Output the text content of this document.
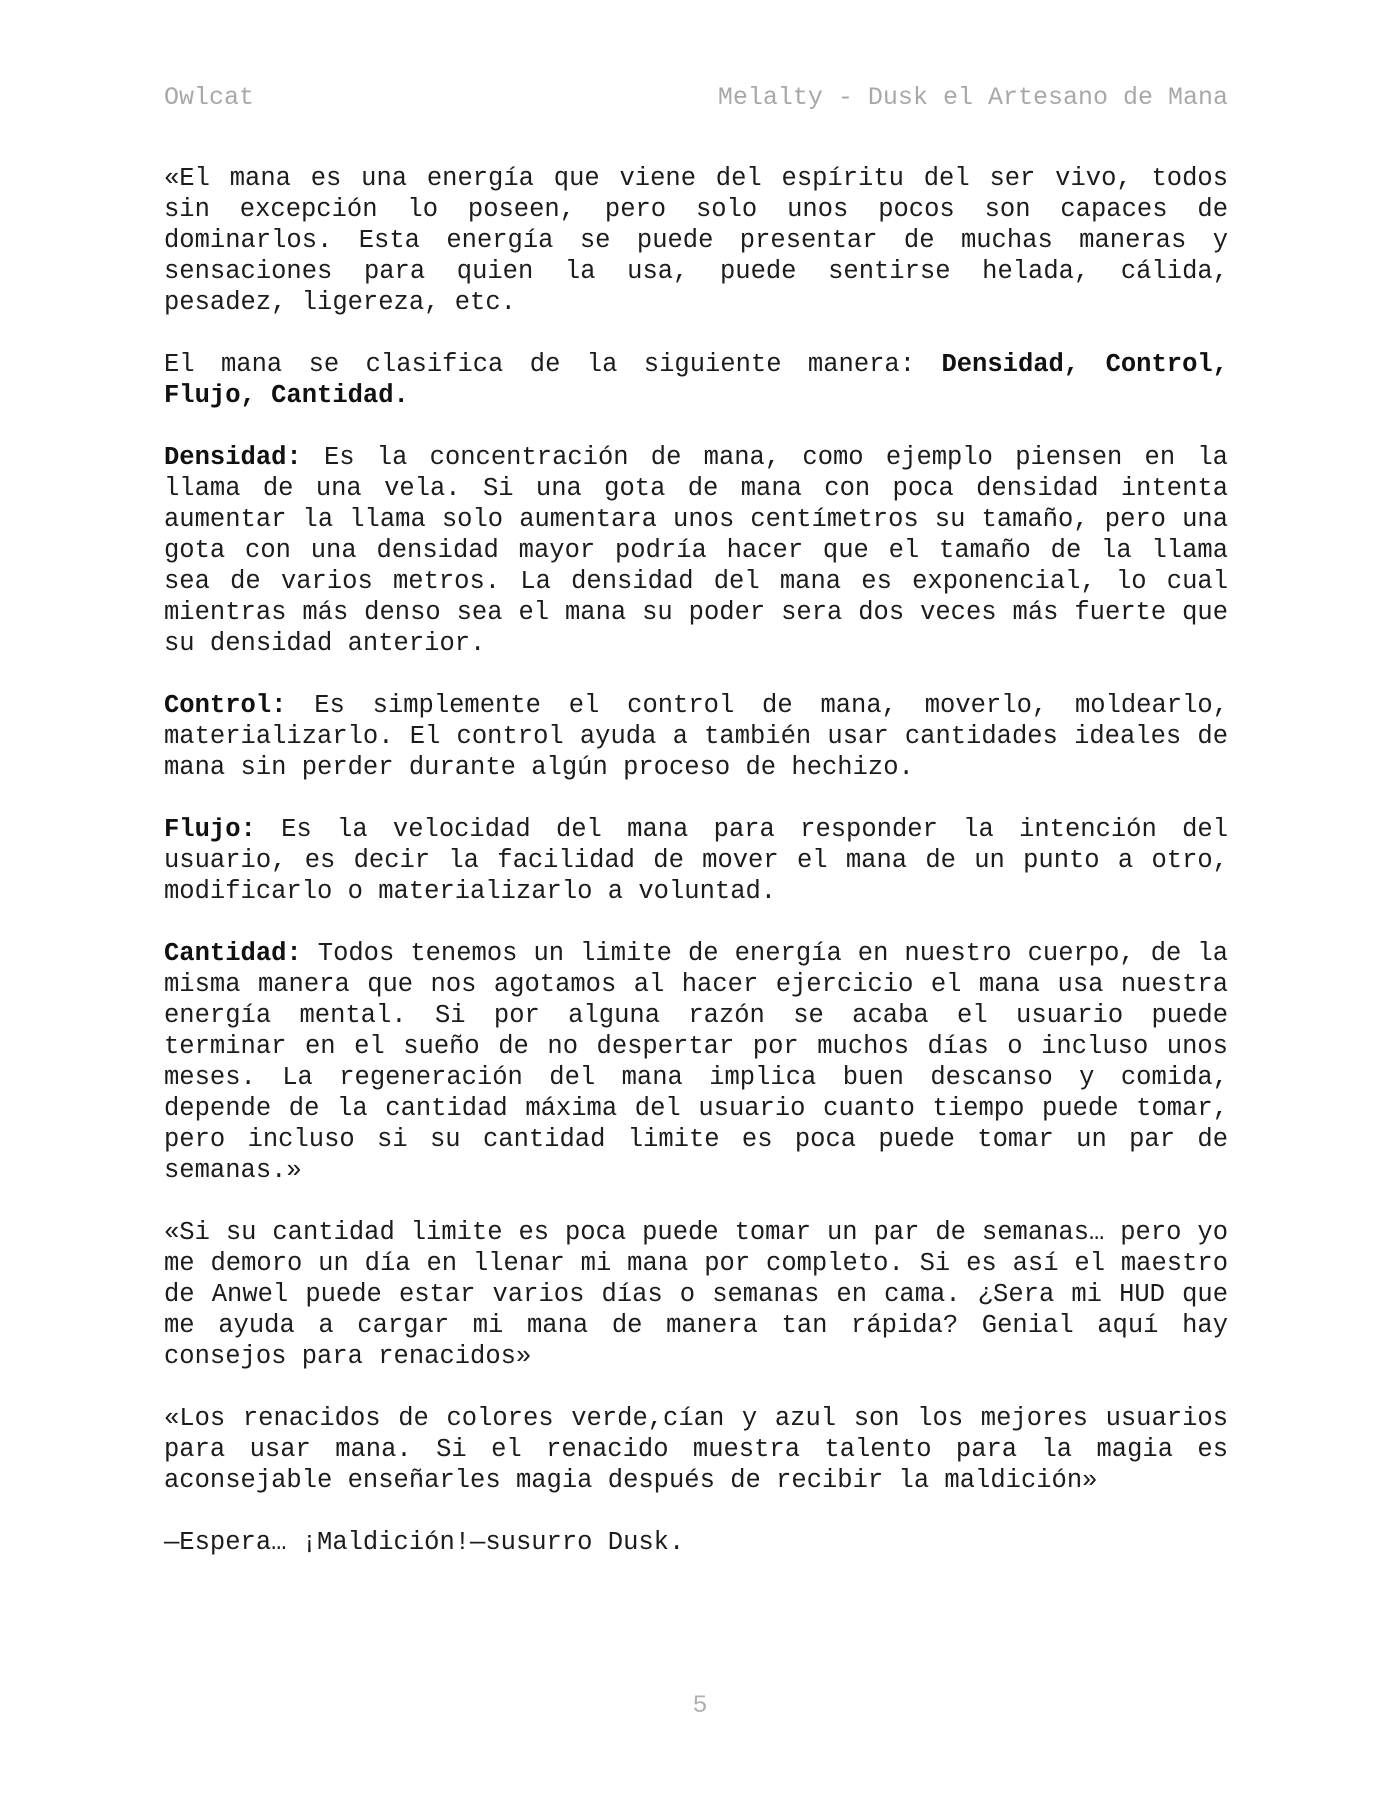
Owlcat	Melalty - Dusk el Artesano de Mana

«El mana es una energía que viene del espíritu del ser vivo, todos sin excepción lo poseen, pero solo unos pocos son capaces de dominarlos. Esta energía se puede presentar de muchas maneras y sensaciones para quien la usa, puede sentirse helada, cálida, pesadez, ligereza, etc.

El mana se clasifica de la siguiente manera: Densidad, Control, Flujo, Cantidad.

Densidad: Es la concentración de mana, como ejemplo piensen en la llama de una vela. Si una gota de mana con poca densidad intenta aumentar la llama solo aumentara unos centímetros su tamaño, pero una gota con una densidad mayor podría hacer que el tamaño de la llama sea de varios metros. La densidad del mana es exponencial, lo cual mientras más denso sea el mana su poder sera dos veces más fuerte que su densidad anterior.

Control: Es simplemente el control de mana, moverlo, moldearlo, materializarlo. El control ayuda a también usar cantidades ideales de mana sin perder durante algún proceso de hechizo.

Flujo: Es la velocidad del mana para responder la intención del usuario, es decir la facilidad de mover el mana de un punto a otro, modificarlo o materializarlo a voluntad.

Cantidad: Todos tenemos un limite de energía en nuestro cuerpo, de la misma manera que nos agotamos al hacer ejercicio el mana usa nuestra energía mental. Si por alguna razón se acaba el usuario puede terminar en el sueño de no despertar por muchos días o incluso unos meses. La regeneración del mana implica buen descanso y comida, depende de la cantidad máxima del usuario cuanto tiempo puede tomar, pero incluso si su cantidad limite es poca puede tomar un par de semanas.»

«Si su cantidad limite es poca puede tomar un par de semanas… pero yo me demoro un día en llenar mi mana por completo. Si es así el maestro de Anwel puede estar varios días o semanas en cama. ¿Sera mi HUD que me ayuda a cargar mi mana de manera tan rápida? Genial aquí hay consejos para renacidos»

«Los renacidos de colores verde,cían y azul son los mejores usuarios para usar mana. Si el renacido muestra talento para la magia es aconsejable enseñarles magia después de recibir la maldición»

—Espera… ¡Maldición!—susurro Dusk.

5
